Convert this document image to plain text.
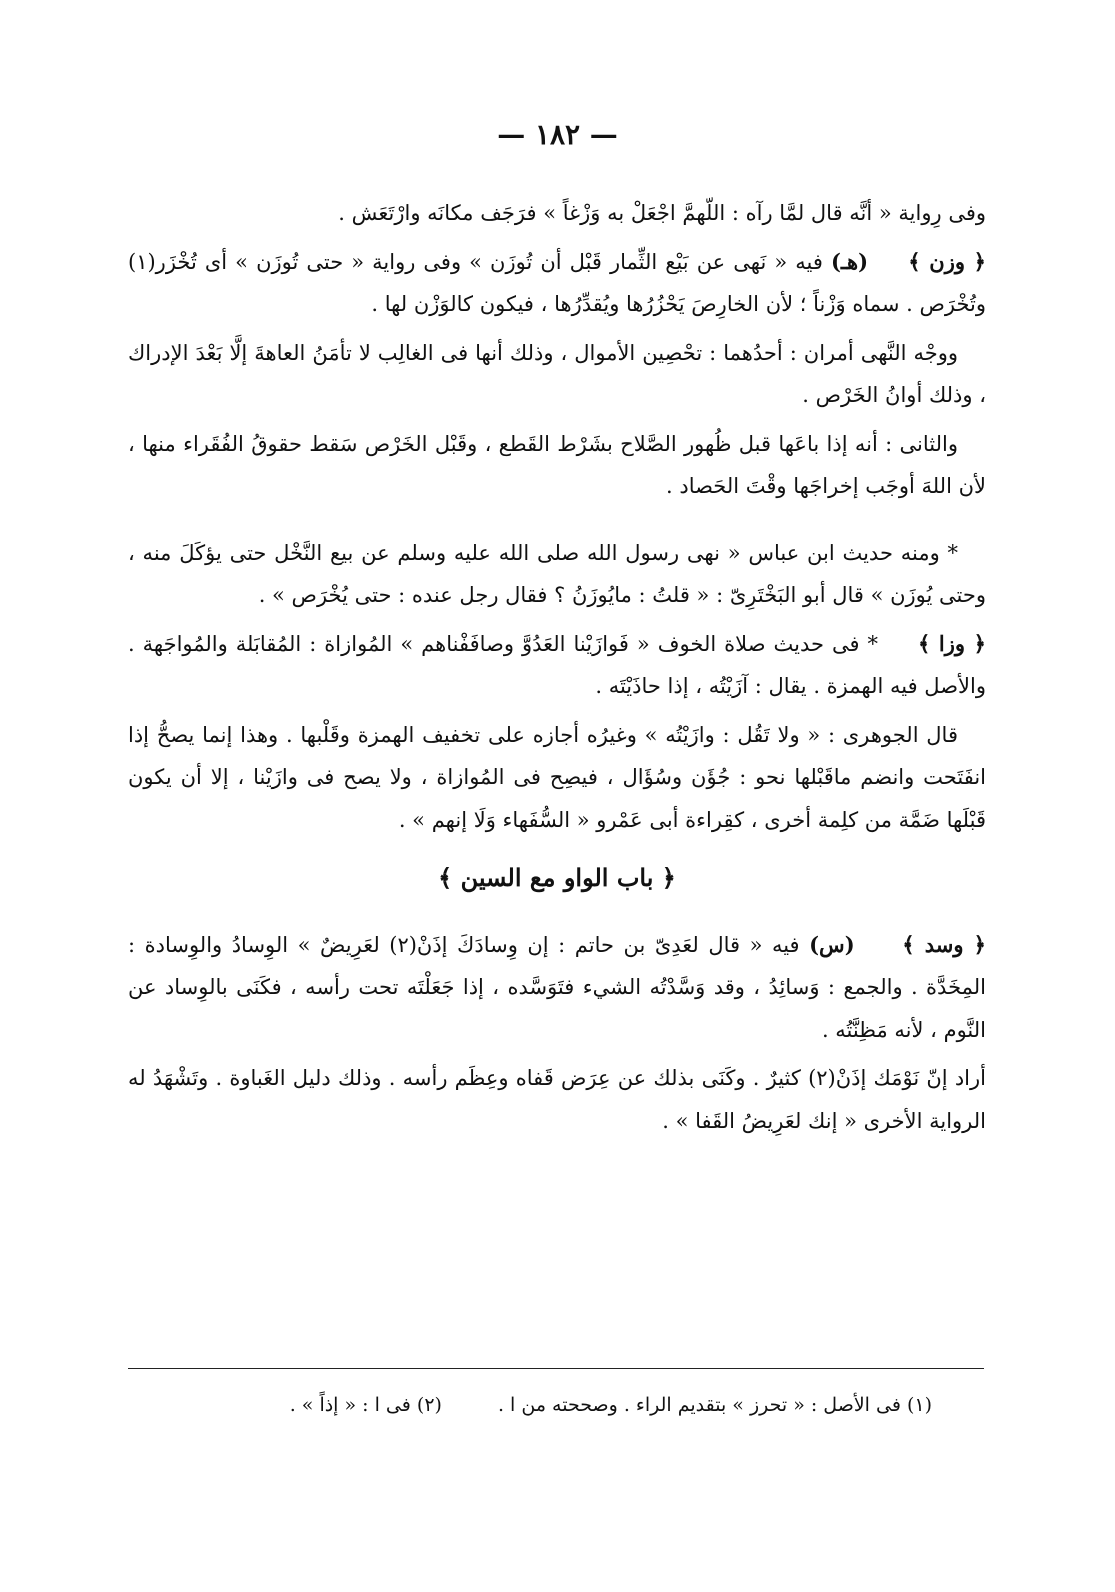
— ١٨٢ —

وفى رِواية « أنَّه قال لمَّا رآه : اللّهمَّ اجْعَلْ به وَزْغاً » فرَجَف مكانَه وارْتَعَش .

﴿ وزن ﴾     (هـ) فيه « نَهى عن بَيْع الثِّمار قَبْل أن تُوزَن » وفى رواية « حتى تُوزَن » أى تُخْزَر(١) وتُخْرَص . سماه وَزْناً ؛ لأن الخارِصَ يَحْزُرُها ويُقدِّرُها ، فيكون كالوَزْن لها .

ووجْه النَّهى أمران : أحدُهما : تحْصِين الأموال ، وذلك أنها فى الغالِب لا تأمَنُ العاهةَ إلَّا بَعْدَ الإدراك ، وذلك أوانُ الخَرْص .

والثانى : أنه إذا باعَها قبل ظُهور الصَّلاح بشَرْط القَطع ، وقَبْل الخَرْص سَقط حقوقُ الفُقَراء منها ، لأن اللهَ أوجَب إخراجَها وقْتَ الحَصاد .

* ومنه حديث ابن عباس « نهى رسول الله صلى الله عليه وسلم عن بيع النَّخْل حتى يؤكَلَ منه ، وحتى يُوزَن » قال أبو البَخْتَرِىّ : « قلتُ : مايُوزَنُ ؟ فقال رجل عنده : حتى يُخْرَص » .

﴿ وزا ﴾     * فى حديث صلاة الخوف « فَوازَيْنا العَدُوَّ وصافَفْناهم » المُوازاة : المُقابَلة والمُواجَهة . والأصل فيه الهمزة . يقال : آزَيْتُه ، إذا حاذَيْتَه .

قال الجوهرى : « ولا تَقُل : وازَيْتُه » وغيرُه أجازه على تخفيف الهمزة وقَلْبها . وهذا إنما يصحُّ إذا انفَتَحت وانضم ماقَبْلها نحو : جُؤَن وسُؤَال ، فيصِح فى المُوازاة ، ولا يصح فى وازَيْنا ، إلا أن يكون قَبْلَها ضَمَّة من كلِمة أخرى ، كقِراءة أبى عَمْرو « السُّفَهاء وَلَا إنهم » .

﴿ باب الواو مع السين ﴾

﴿ وسد ﴾     (س) فيه « قال لعَدِىّ بن حاتم : إن وِسادَكَ إذَنْ(٢) لعَرِيضٌ » الوِسادُ والوِسادة : المِخَدَّة . والجمع : وَسائِدُ ، وقد وَسَّدْتُه الشيء فتَوَسَّده ، إذا جَعَلْتَه تحت رأسه ، فكَنَى بالوِساد عن النَّوم ، لأنه مَظِنَّتُه .

أراد إنّ نَوْمَك إذَنْ(٢) كثيرٌ . وكَنَى بذلك عن عِرَض قَفاه وعِظَم رأسه . وذلك دليل الغَباوة . وتَشْهَدُ له الرواية الأخرى « إنك لعَرِيضُ القَفا » .

(١) فى الأصل : « تحرز » بتقديم الراء . وصححته من ا .(٢) فى ا : « إذاً » .
